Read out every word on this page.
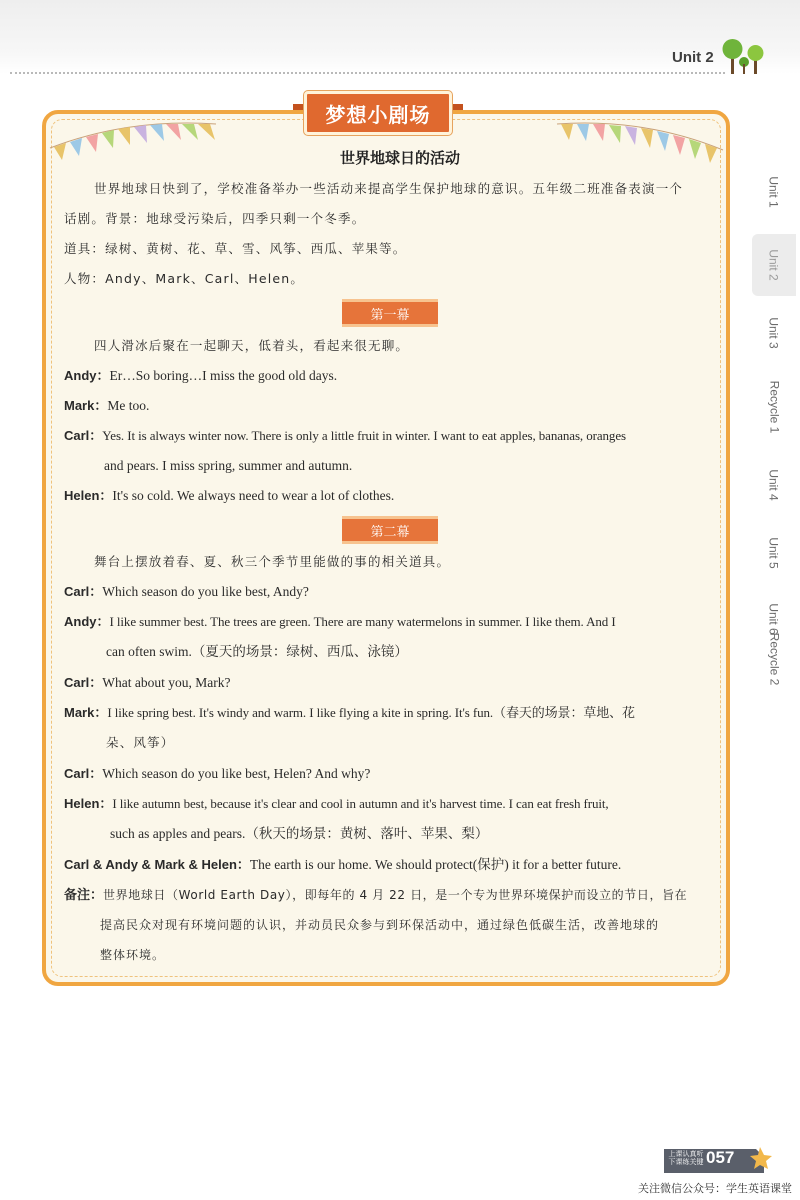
Unit 2
Unit 1
Unit 2
Unit 3
Recycle 1
Unit 4
Unit 5
Unit 6
Recycle 2
梦想小剧场
世界地球日的活动
世界地球日快到了，学校准备举办一些活动来提高学生保护地球的意识。五年级二班准备表演一个
话剧。背景：地球受污染后，四季只剩一个冬季。
道具：绿树、黄树、花、草、雪、风筝、西瓜、苹果等。
人物：Andy、Mark、Carl、Helen。
第一幕
四人滑冰后聚在一起聊天，低着头，看起来很无聊。
Andy：Er…So boring…I miss the good old days.
Mark：Me too.
Carl：Yes. It is always winter now. There is only a little fruit in winter. I want to eat apples, bananas, oranges
and pears. I miss spring, summer and autumn.
Helen：It's so cold. We always need to wear a lot of clothes.
第二幕
舞台上摆放着春、夏、秋三个季节里能做的事的相关道具。
Carl：Which season do you like best, Andy?
Andy：I like summer best. The trees are green. There are many watermelons in summer. I like them. And I
can often swim.（夏天的场景：绿树、西瓜、泳镜）
Carl：What about you, Mark?
Mark：I like spring best. It's windy and warm. I like flying a kite in spring. It's fun.（春天的场景：草地、花
朵、风筝）
Carl：Which season do you like best, Helen? And why?
Helen：I like autumn best, because it's clear and cool in autumn and it's harvest time. I can eat fresh fruit,
such as apples and pears.（秋天的场景：黄树、落叶、苹果、梨）
Carl & Andy & Mark & Helen：The earth is our home. We should protect(保护) it for a better future.
备注：世界地球日（World Earth Day），即每年的 4 月 22 日，是一个专为世界环境保护而设立的节日，旨在
提高民众对现有环境问题的认识，并动员民众参与到环保活动中，通过绿色低碳生活，改善地球的
整体环境。
上课认真听
下课练关键 057
关注微信公众号：学生英语课堂
